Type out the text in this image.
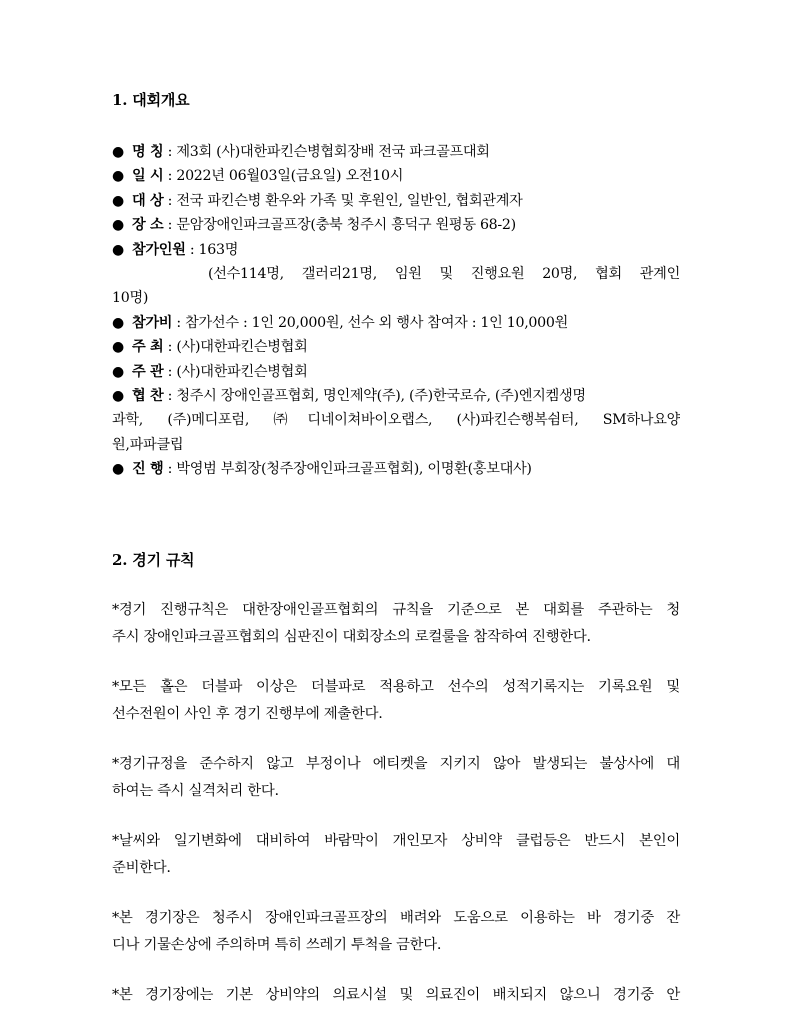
1. 대회개요
● 명 칭 : 제3회 (사)대한파킨슨병협회장배 전국 파크골프대회
● 일 시 : 2022년 06월03일(금요일) 오전10시
● 대 상 : 전국 파킨슨병 환우와 가족 및 후원인, 일반인, 협회관계자
● 장 소 : 문암장애인파크골프장(충북 청주시 흥덕구 원평동 68-2)
● 참가인원 : 163명
(선수114명, 갤러리21명, 임원 및 진행요원 20명, 협회 관계인
10명)
● 참가비 : 참가선수 : 1인 20,000원, 선수 외 행사 참여자 : 1인 10,000원
● 주 최 : (사)대한파킨슨병협회
● 주 관 : (사)대한파킨슨병협회
● 협 찬 : 청주시 장애인골프협회, 명인제약(주), (주)한국로슈, (주)엔지켐생명
과학, (주)메디포럼, ㈜디네이쳐바이오랩스, (사)파킨슨행복쉼터, SM하나요양
원,파파클립
● 진 행 : 박영범 부회장(청주장애인파크골프협회), 이명환(홍보대사)
2. 경기 규칙

*경기 진행규칙은 대한장애인골프협회의 규칙을 기준으로 본 대회를 주관하는 청
주시 장애인파크골프협회의 심판진이 대회장소의 로컬룰을 참작하여 진행한다.

*모든 홀은 더블파 이상은 더블파로 적용하고 선수의 성적기록지는 기록요원 및
선수전원이 사인 후 경기 진행부에 제출한다.

*경기규정을 준수하지 않고 부정이나 에티켓을 지키지 않아 발생되는 불상사에 대
하여는 즉시 실격처리 한다.

*날씨와 일기변화에 대비하여 바람막이 개인모자 상비약 클럽등은 반드시 본인이
준비한다.

*본 경기장은 청주시 장애인파크골프장의 배려와 도움으로 이용하는 바 경기중 잔
디나 기물손상에 주의하며 특히 쓰레기 투척을 금한다.

*본 경기장에는 기본 상비약의 의료시설 및 의료진이 배치되지 않으니 경기중 안
